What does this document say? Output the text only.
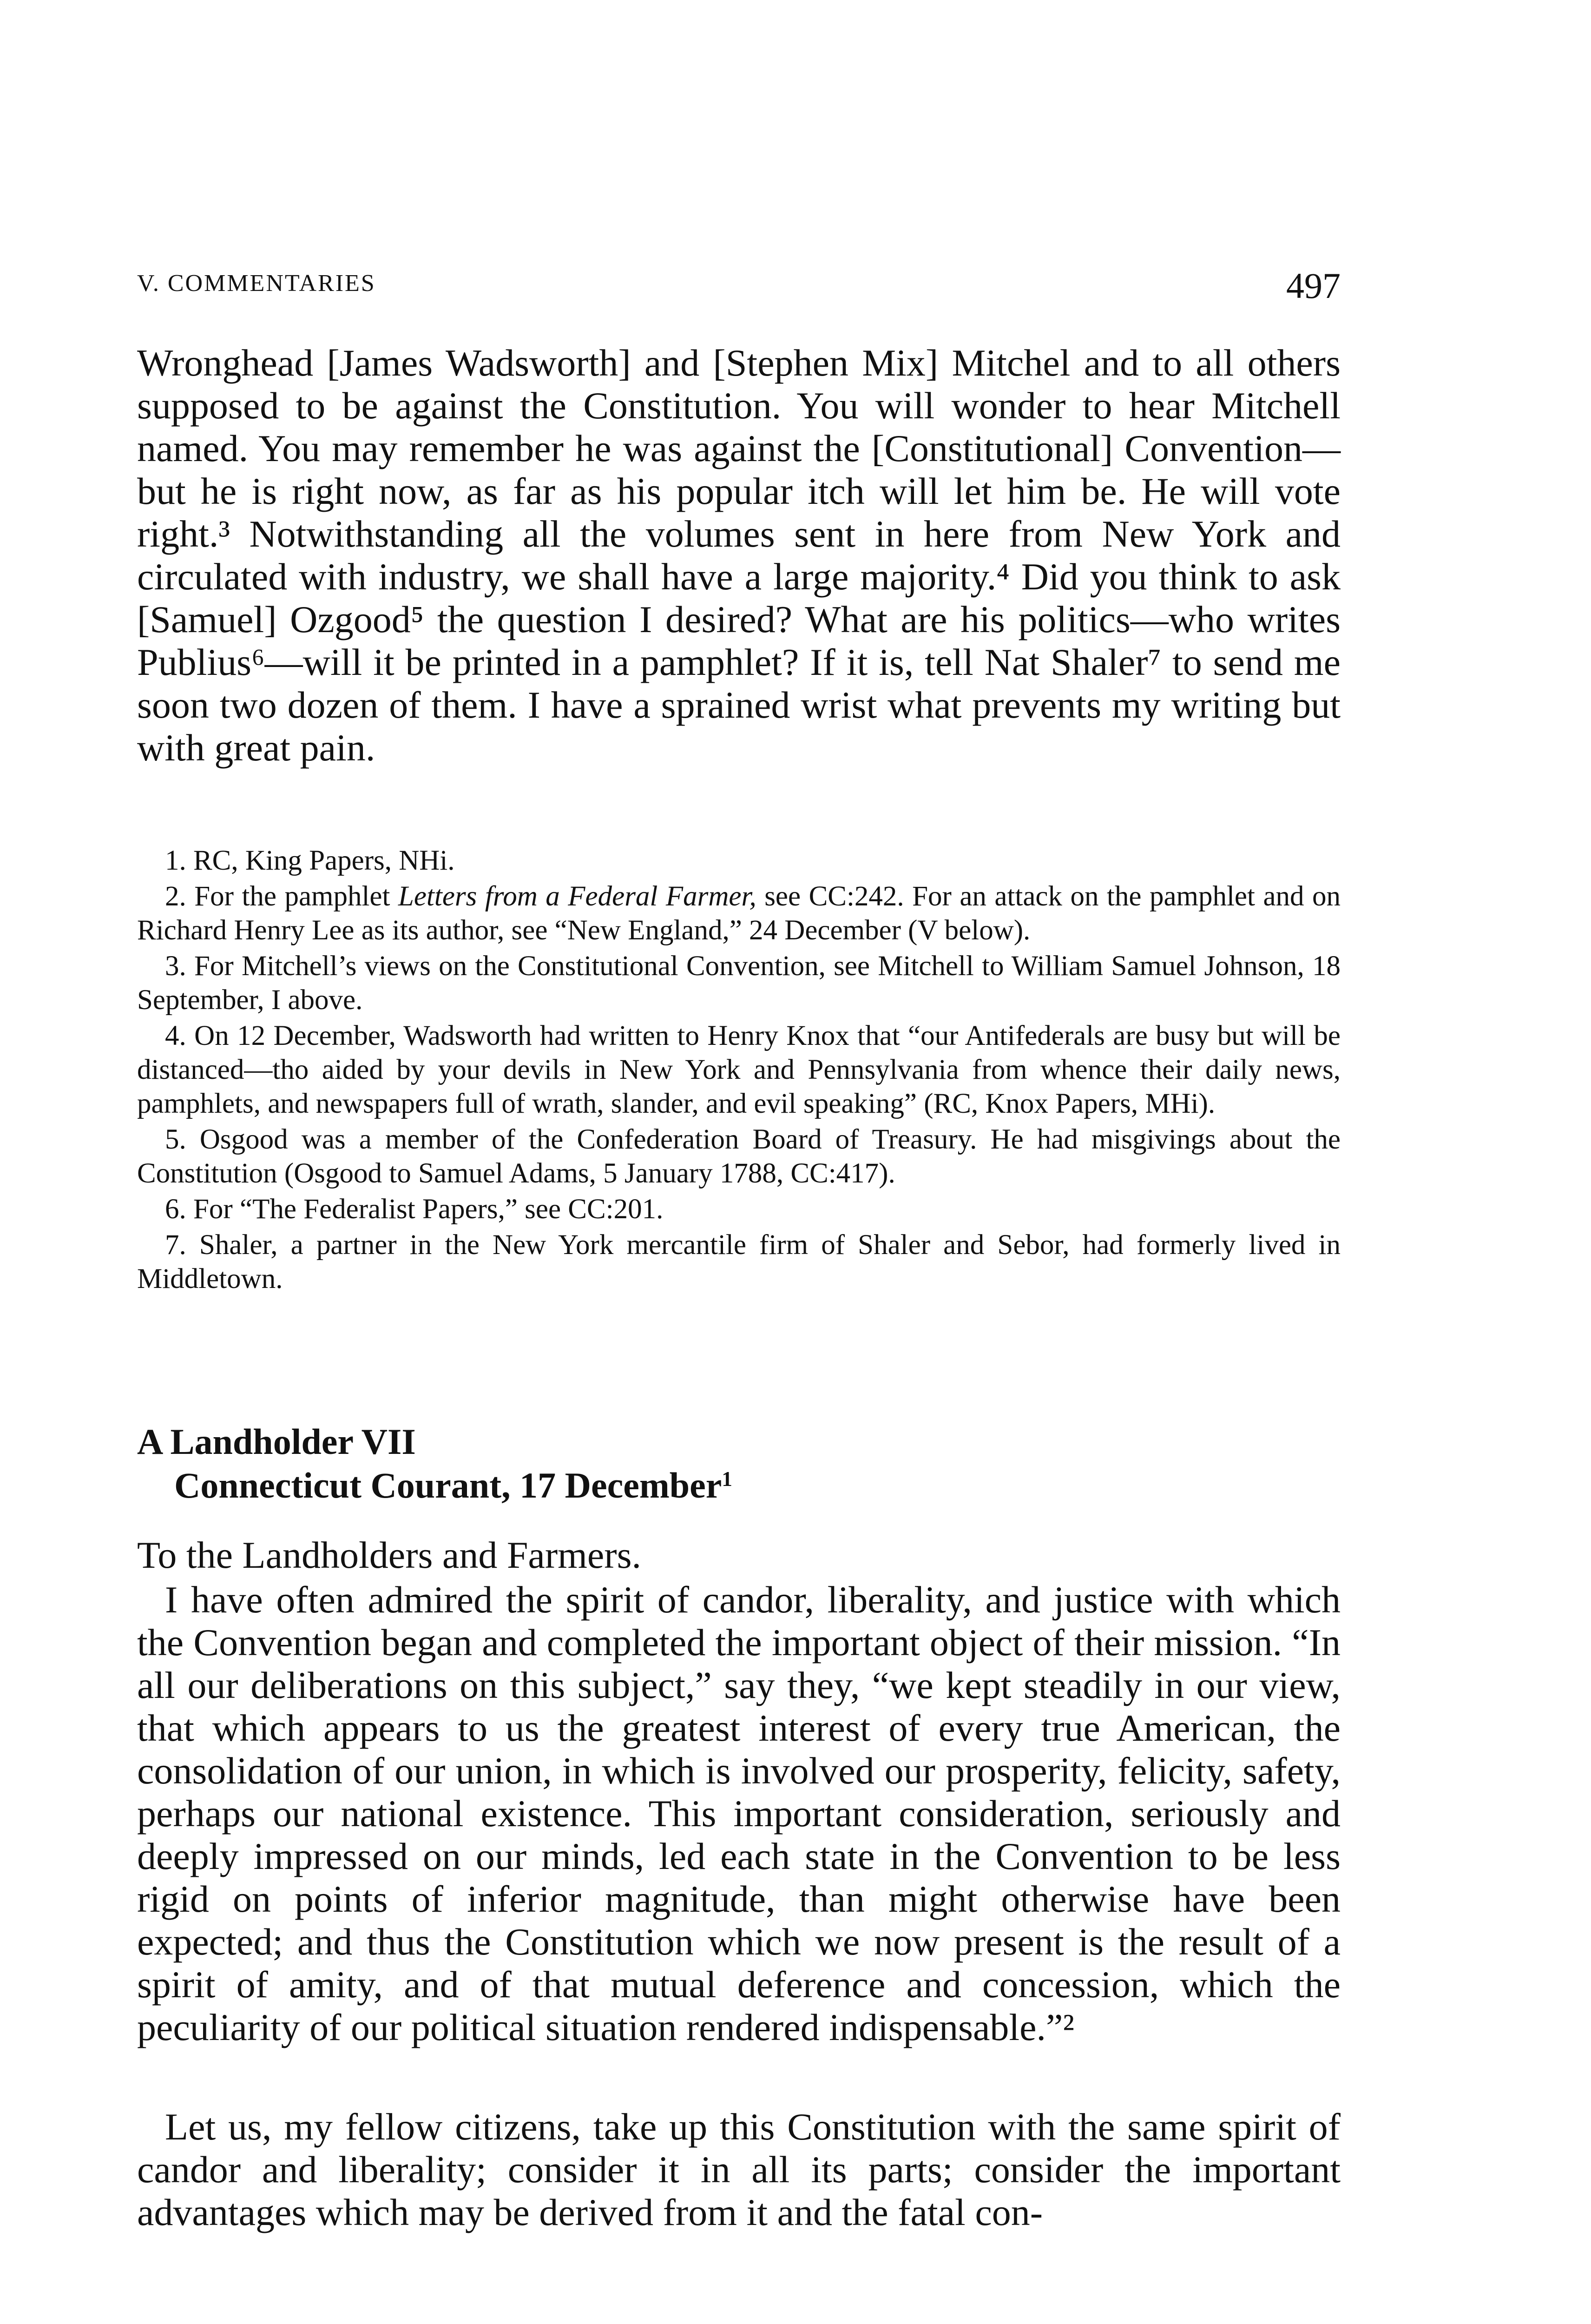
V. COMMENTARIES	497

Wronghead [James Wadsworth] and [Stephen Mix] Mitchel and to all others supposed to be against the Constitution. You will wonder to hear Mitchell named. You may remember he was against the [Constitutional] Convention—but he is right now, as far as his popular itch will let him be. He will vote right.³ Notwithstanding all the volumes sent in here from New York and circulated with industry, we shall have a large majority.⁴ Did you think to ask [Samuel] Ozgood⁵ the question I desired? What are his politics—who writes Publius⁶—will it be printed in a pamphlet? If it is, tell Nat Shaler⁷ to send me soon two dozen of them. I have a sprained wrist what prevents my writing but with great pain.

1. RC, King Papers, NHi.

2. For the pamphlet Letters from a Federal Farmer, see CC:242. For an attack on the pamphlet and on Richard Henry Lee as its author, see “New England,” 24 December (V below).

3. For Mitchell’s views on the Constitutional Convention, see Mitchell to William Samuel Johnson, 18 September, I above.

4. On 12 December, Wadsworth had written to Henry Knox that “our Antifederals are busy but will be distanced—tho aided by your devils in New York and Pennsylvania from whence their daily news, pamphlets, and newspapers full of wrath, slander, and evil speaking” (RC, Knox Papers, MHi).

5. Osgood was a member of the Confederation Board of Treasury. He had misgivings about the Constitution (Osgood to Samuel Adams, 5 January 1788, CC:417).

6. For “The Federalist Papers,” see CC:201.

7. Shaler, a partner in the New York mercantile firm of Shaler and Sebor, had formerly lived in Middletown.

A Landholder VII
Connecticut Courant, 17 December$^1$

To the Landholders and Farmers.

I have often admired the spirit of candor, liberality, and justice with which the Convention began and completed the important object of their mission. “In all our deliberations on this subject,” say they, “we kept steadily in our view, that which appears to us the greatest interest of every true American, the consolidation of our union, in which is involved our prosperity, felicity, safety, perhaps our national existence. This important consideration, seriously and deeply impressed on our minds, led each state in the Convention to be less rigid on points of inferior magnitude, than might otherwise have been expected; and thus the Constitution which we now present is the result of a spirit of amity, and of that mutual deference and concession, which the peculiarity of our political situation rendered indispensable.”²

Let us, my fellow citizens, take up this Constitution with the same spirit of candor and liberality; consider it in all its parts; consider the important advantages which may be derived from it and the fatal con-
